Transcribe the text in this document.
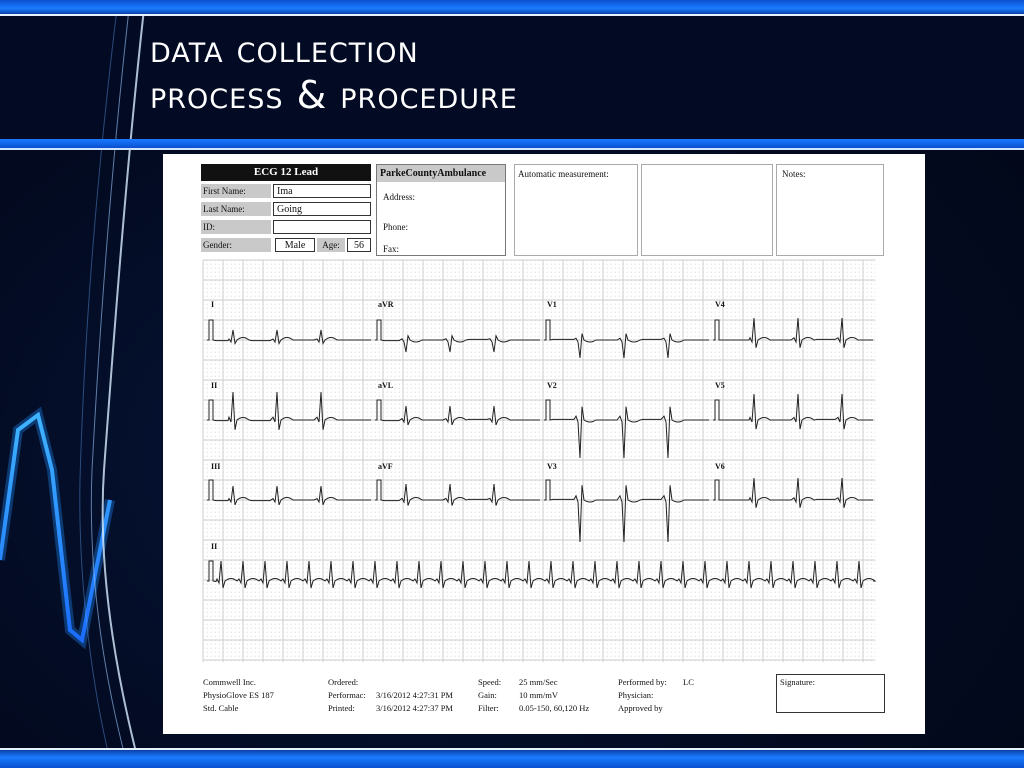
data collection
process & procedure
ECG 12 Lead
First Name:	Ima
Last Name:	Going
ID:
Gender:	Male	Age:	56
ParkeCountyAmbulance
Address:
Phone:
Fax:
Automatic measurement:	Notes:
I	aVR	V1	V4
II	aVL	V2	V5
III	aVF	V3	V6
II
Commwell Inc.
PhysioGlove ES 187
Std. Cable
Ordered:
Performac: 3/16/2012 4:27:31 PM
Printed: 3/16/2012 4:27:37 PM
Speed: 25 mm/Sec
Gain:	10 mm/mV
Filter: 0.05-150, 60,120 Hz
Performed by: LC
Physician:
Approved by
Signature:
